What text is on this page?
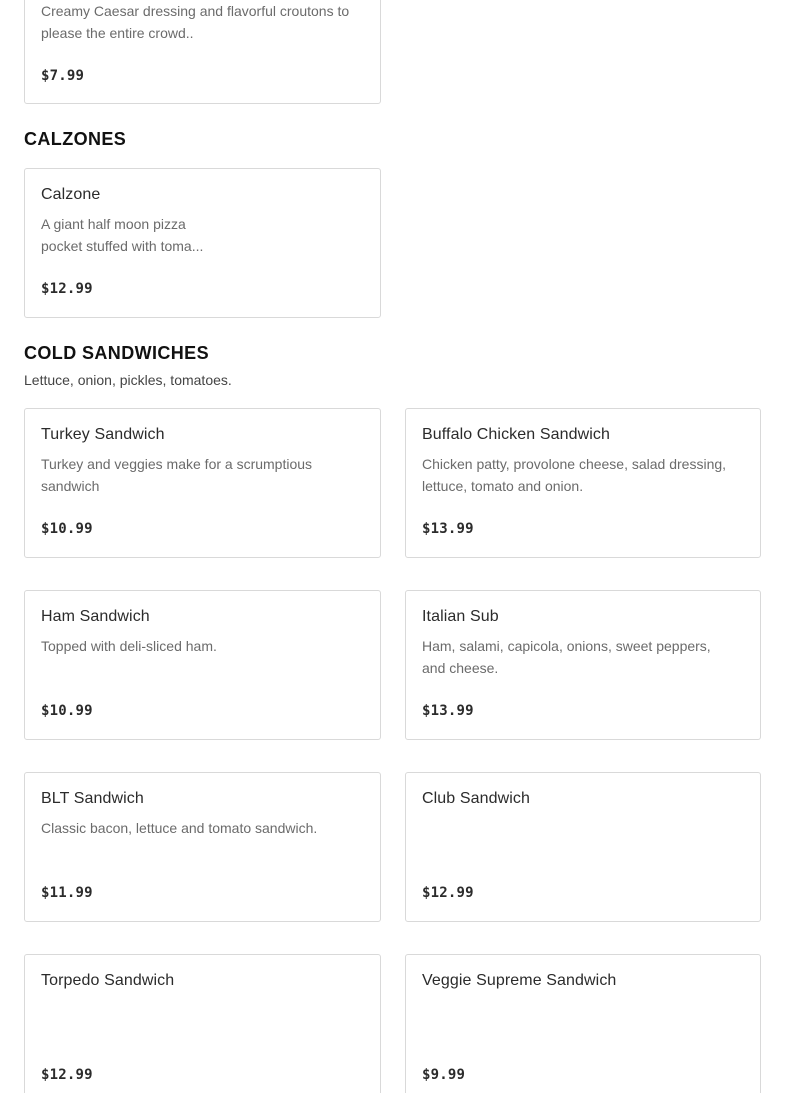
Creamy Caesar dressing and flavorful croutons to please the entire crowd..
$7.99
CALZONES
Calzone
A giant half moon pizza
pocket stuffed with toma...
$12.99
COLD SANDWICHES
Lettuce, onion, pickles, tomatoes.
Turkey Sandwich
Turkey and veggies make for a scrumptious sandwich
$10.99
Buffalo Chicken Sandwich
Chicken patty, provolone cheese, salad dressing, lettuce, tomato and onion.
$13.99
Ham Sandwich
Topped with deli-sliced ham.
$10.99
Italian Sub
Ham, salami, capicola, onions, sweet peppers, and cheese.
$13.99
BLT Sandwich
Classic bacon, lettuce and tomato sandwich.
$11.99
Club Sandwich
$12.99
Torpedo Sandwich
$12.99
Veggie Supreme Sandwich
$9.99
